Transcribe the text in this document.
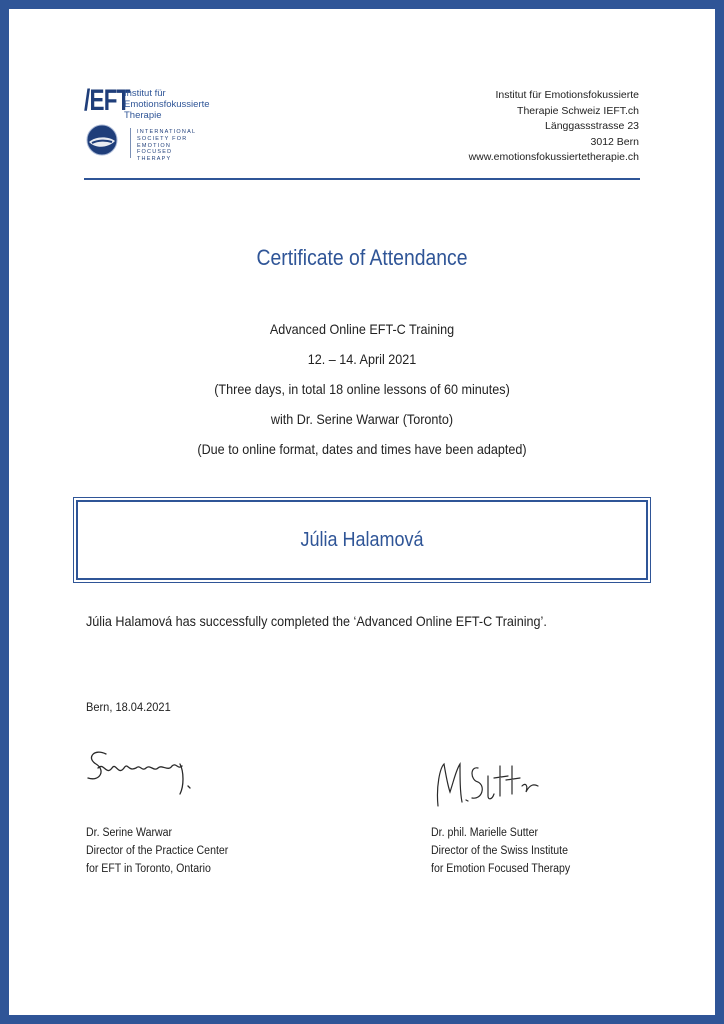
/EFT
Institut für
Emotionsfokussierte
Therapie
INTERNATIONAL
SOCIETY FOR
EMOTION
FOCUSED
THERAPY
Institut für Emotionsfokussierte
Therapie Schweiz IEFT.ch
Länggassstrasse 23
3012 Bern
www.emotionsfokussiertetherapie.ch
Certificate of Attendance
Advanced Online EFT-C Training
12. – 14. April 2021
(Three days, in total 18 online lessons of 60 minutes)
with Dr. Serine Warwar (Toronto)
(Due to online format, dates and times have been adapted)
Júlia Halamová
Júlia Halamová has successfully completed the ‘Advanced Online EFT-C Training’.
Bern, 18.04.2021
Dr. Serine Warwar
Director of the Practice Center
for EFT in Toronto, Ontario
Dr. phil. Marielle Sutter
Director of the Swiss Institute
for Emotion Focused Therapy
